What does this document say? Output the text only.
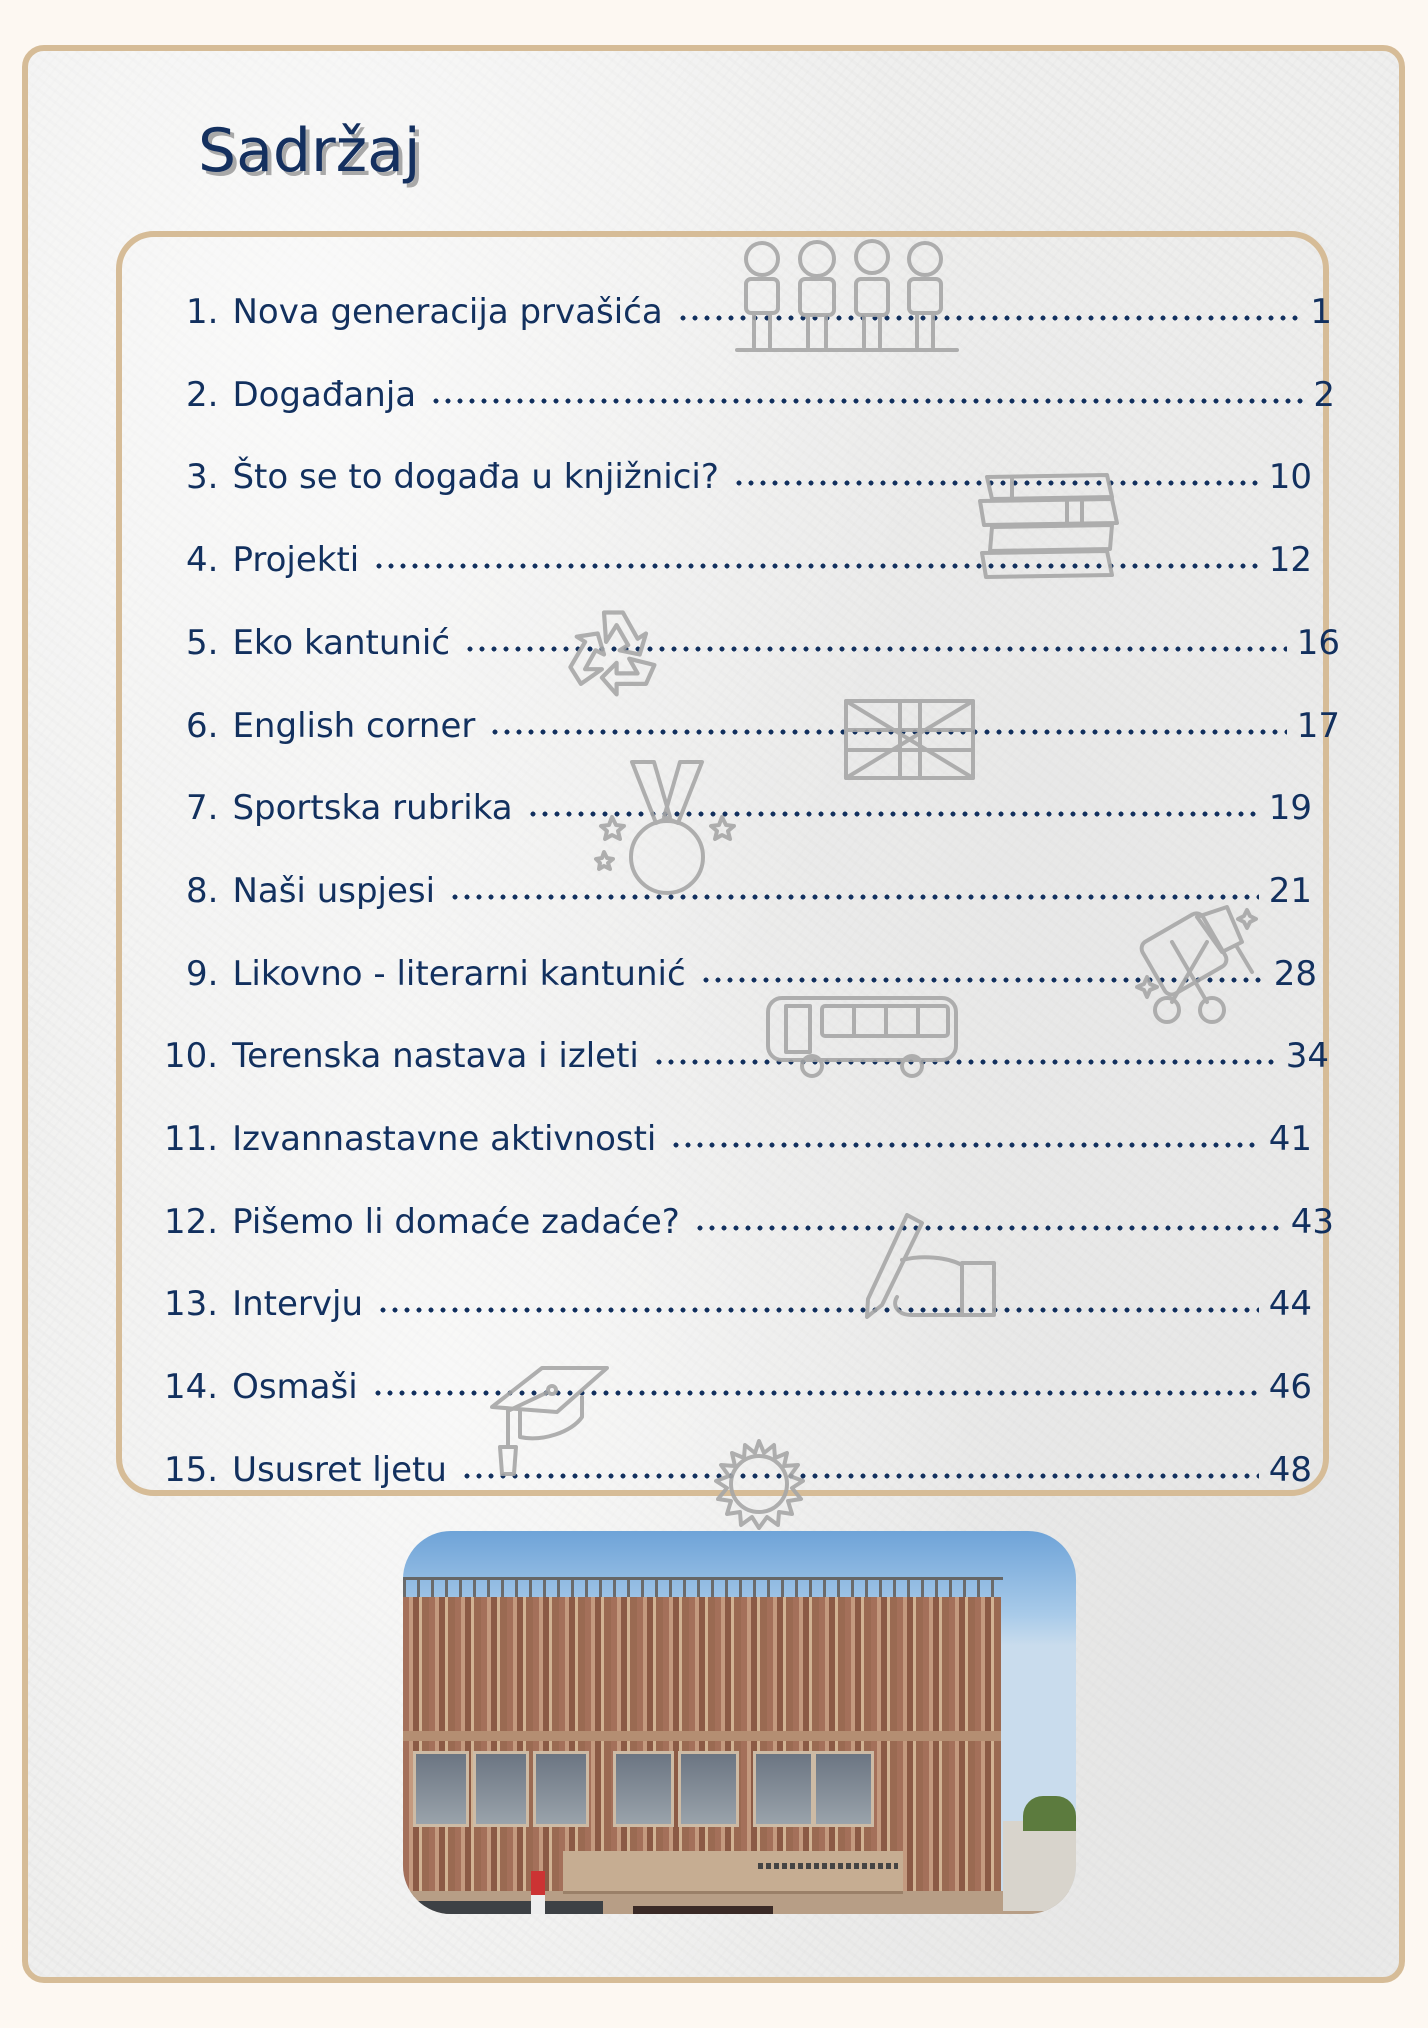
Sadržaj
1. Nova generacija prvašića	1
2. Događanja	2
3. Što se to događa u knjižnici?	10
4. Projekti	12
5. Eko kantunić	16
6. English corner	17
7. Sportska rubrika	19
8. Naši uspjesi	21
9. Likovno - literarni kantunić	28
10. Terenska nastava i izleti	34
11. Izvannastavne aktivnosti	41
12. Pišemo li domaće zadaće?	43
13. Intervju	44
14. Osmaši	46
15. Ususret ljetu	48
